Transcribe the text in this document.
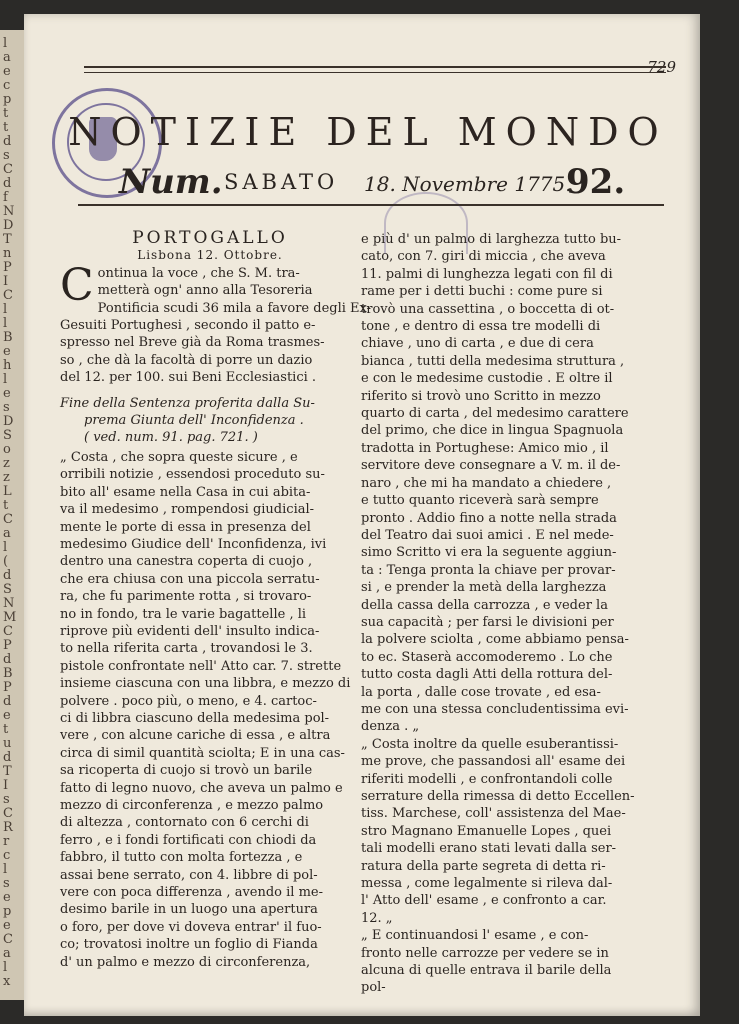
l
a
e
c
p
t
t
d
s
C
d
f
N
D
T
n
P
I
C
l
l
B
e
h
l
e
s
D
S
o
z
z
L
t
C
a
l
(
d
S
N
M
C
P
d
B
P
d
e
t
u
d
T
I
s
C
R
r
c
l
s
e
p
e
C
a
l
x
729
NOTIZIE DEL MONDO
Num. SABATO 18. Novembre 1775.
92.

PORTOGALLO

Lisbona 12. Ottobre.

C ontinua la voce , che S. M. tra-

metterà ogn' anno alla Tesoreria

Pontificia scudi 36 mila a favore degli Ex-

Gesuiti Portughesi , secondo il patto e-

spresso nel Breve già da Roma trasmes-

so , che dà la facoltà di porre un dazio

del 12. per 100. sui Beni Ecclesiastici .

Fine della Sentenza proferita dalla Su-

prema Giunta dell' Inconfidenza .

( ved. num. 91. pag. 721. )

„ Costa , che sopra queste sicure , e

orribili notizie , essendosi proceduto su-

bito all' esame nella Casa in cui abita-

va il medesimo , rompendosi giudicial-

mente le porte di essa in presenza del

medesimo Giudice dell' Inconfidenza, ivi

dentro una canestra coperta di cuojo ,

che era chiusa con una piccola serratu-

ra, che fu parimente rotta , si trovaro-

no in fondo, tra le varie bagattelle , li

riprove più evidenti dell' insulto indica-

to nella riferita carta , trovandosi le 3.

pistole confrontate nell' Atto car. 7. strette

insieme ciascuna con una libbra, e mezzo di

polvere . poco più, o meno, e 4. cartoc-

ci di libbra ciascuno della medesima pol-

vere , con alcune cariche di essa , e altra

circa di simil quantità sciolta; E in una cas-

sa ricoperta di cuojo si trovò un barile

fatto di legno nuovo, che aveva un palmo e

mezzo di circonferenza , e mezzo palmo

di altezza , contornato con 6 cerchi di

ferro , e i fondi fortificati con chiodi da

fabbro, il tutto con molta fortezza , e

assai bene serrato, con 4. libbre di pol-

vere con poca differenza , avendo il me-

desimo barile in un luogo una apertura

o foro, per dove vi doveva entrar' il fuo-

co; trovatosi inoltre un foglio di Fianda

d' un palmo e mezzo di circonferenza,

e più d' un palmo di larghezza tutto bu-

cato, con 7. giri di miccia , che aveva

11. palmi di lunghezza legati con fil di

rame per i detti buchi : come pure si

trovò una cassettina , o boccetta di ot-

tone , e dentro di essa tre modelli di

chiave , uno di carta , e due di cera

bianca , tutti della medesima struttura ,

e con le medesime custodie . E oltre il

riferito si trovò uno Scritto in mezzo

quarto di carta , del medesimo carattere

del primo, che dice in lingua Spagnuola

tradotta in Portughese: Amico mio , il

servitore deve consegnare a V. m. il de-

naro , che mi ha mandato a chiedere ,

e tutto quanto riceverà sarà sempre

pronto . Addio fino a notte nella strada

del Teatro dai suoi amici . E nel mede-

simo Scritto vi era la seguente aggiun-

ta : Tenga pronta la chiave per provar-

si , e prender la metà della larghezza

della cassa della carrozza , e veder la

sua capacità ; per farsi le divisioni per

la polvere sciolta , come abbiamo pensa-

to ec. Staserà accomoderemo . Lo che

tutto costa dagli Atti della rottura del-

la porta , dalle cose trovate , ed esa-

me con una stessa concludentissima evi-

denza . „

„ Costa inoltre da quelle esuberantissi-

me prove, che passandosi all' esame dei

riferiti modelli , e confrontandoli colle

serrature della rimessa di detto Eccellen-

tiss. Marchese, coll' assistenza del Mae-

stro Magnano Emanuelle Lopes , quei

tali modelli erano stati levati dalla ser-

ratura della parte segreta di detta ri-

messa , come legalmente si rileva dal-

l' Atto dell' esame , e confronto a car.

12. „

„ E continuandosi l' esame , e con-

fronto nelle carrozze per vedere se in

alcuna di quelle entrava il barile della

pol-
